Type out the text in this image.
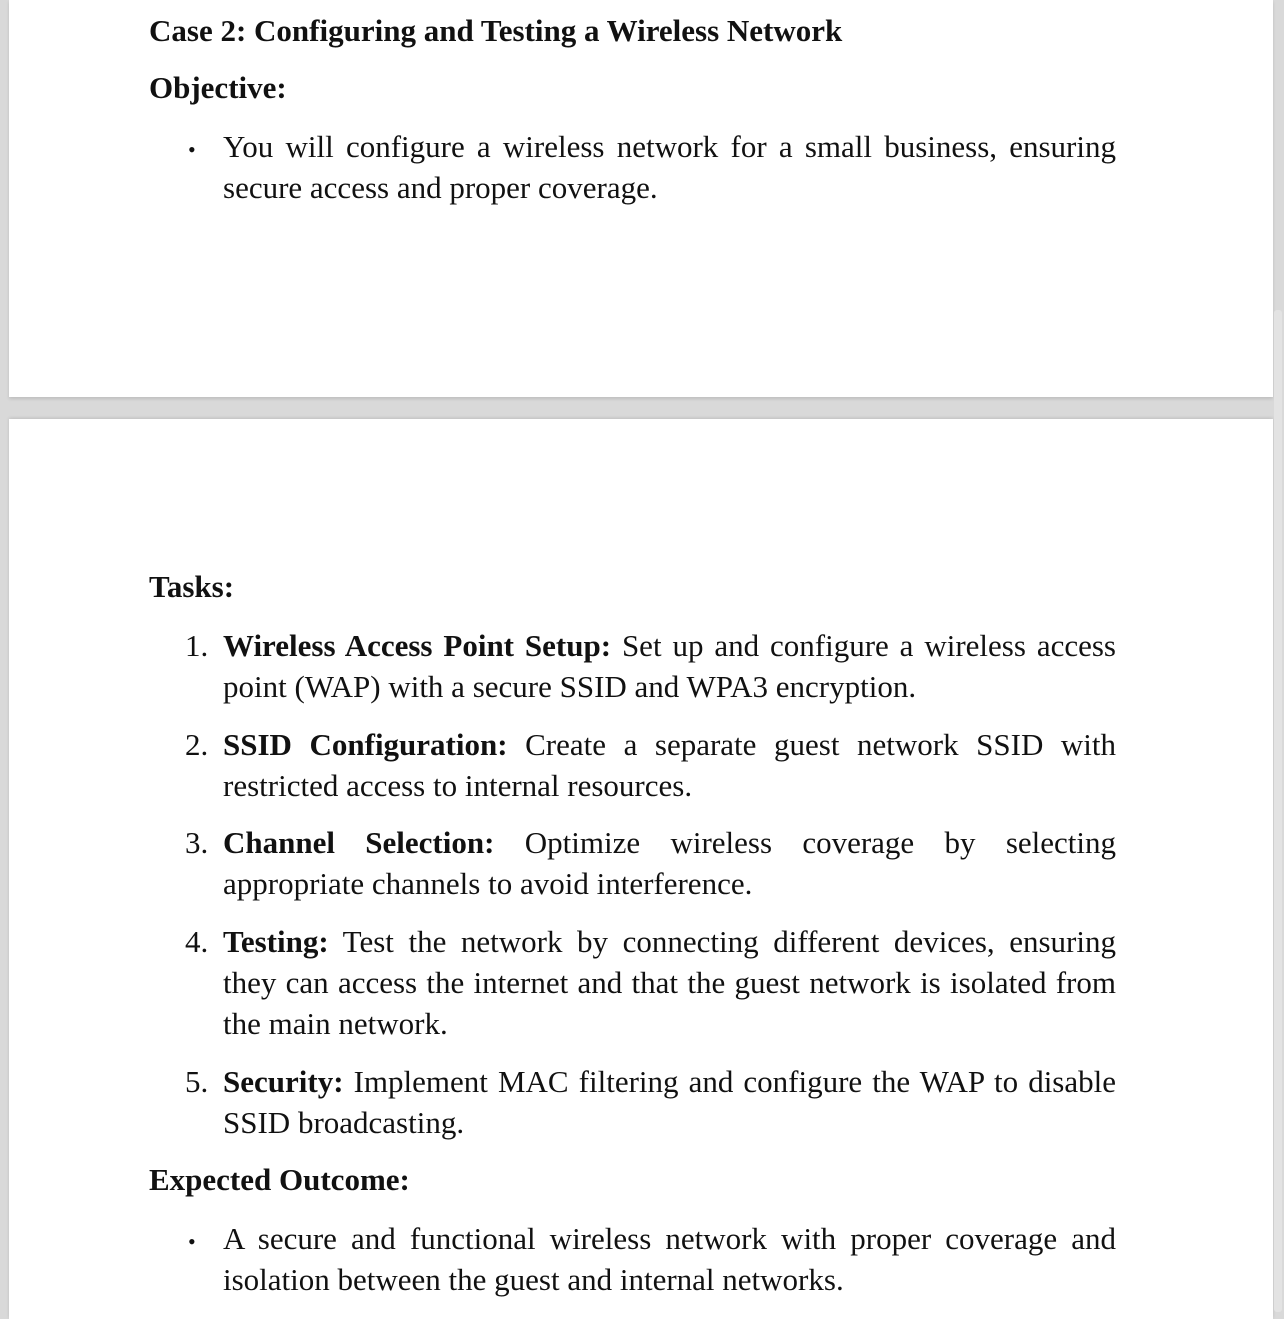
Case 2: Configuring and Testing a Wireless Network
Objective:
• You will configure a wireless network for a small business, ensuring secure access and proper coverage.

Tasks:
1. Wireless Access Point Setup: Set up and configure a wireless access point (WAP) with a secure SSID and WPA3 encryption.

2. SSID Configuration: Create a separate guest network SSID with restricted access to internal resources.

3. Channel Selection: Optimize wireless coverage by selecting appropriate channels to avoid interference.

4. Testing: Test the network by connecting different devices, ensuring they can access the internet and that the guest network is isolated from the main network.

5. Security: Implement MAC filtering and configure the WAP to disable SSID broadcasting.

Expected Outcome:
• A secure and functional wireless network with proper coverage and isolation between the guest and internal networks.
